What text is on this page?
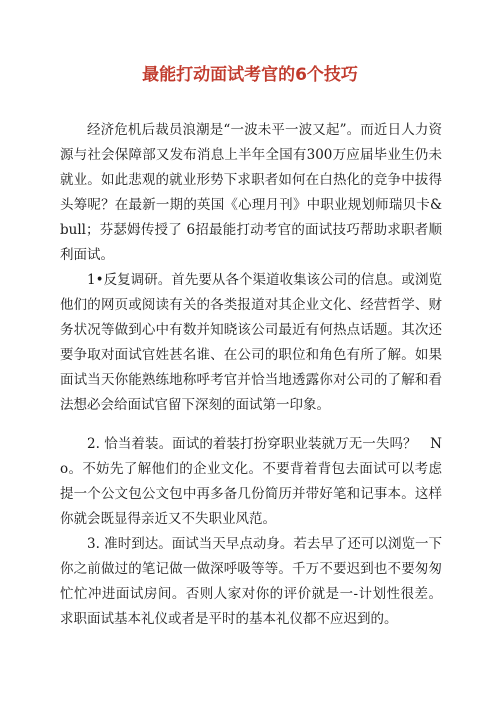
最能打动面试考官的6个技巧

经济危机后裁员浪潮是“一波未平一波又起”。而近日人力资源与社会保障部又发布消息上半年全国有300万应届毕业生仍未就业。如此悲观的就业形势下求职者如何在白热化的竞争中拔得头筹呢？在最新一期的英国《心理月刊》中职业规划师瑞贝卡&bull；芬瑟姆传授了 6招最能打动考官的面试技巧帮助求职者顺利面试。

1•反复调研。首先要从各个渠道收集该公司的信息。或浏览他们的网页或阅读有关的各类报道对其企业文化、经营哲学、财务状况等做到心中有数并知晓该公司最近有何热点话题。其次还要争取对面试官姓甚名谁、在公司的职位和角色有所了解。如果面试当天你能熟练地称呼考官并恰当地透露你对公司的了解和看法想必会给面试官留下深刻的面试第一印象。

2. 恰当着装。面试的着装打扮穿职业装就万无一失吗？　No。不妨先了解他们的企业文化。不要背着背包去面试可以考虑提一个公文包公文包中再多备几份简历并带好笔和记事本。这样你就会既显得亲近又不失职业风范。

3. 准时到达。面试当天早点动身。若去早了还可以浏览一下你之前做过的笔记做一做深呼吸等等。千万不要迟到也不要匆匆忙忙冲进面试房间。否则人家对你的评价就是一-计划性很差。求职面试基本礼仪或者是平时的基本礼仪都不应迟到的。
